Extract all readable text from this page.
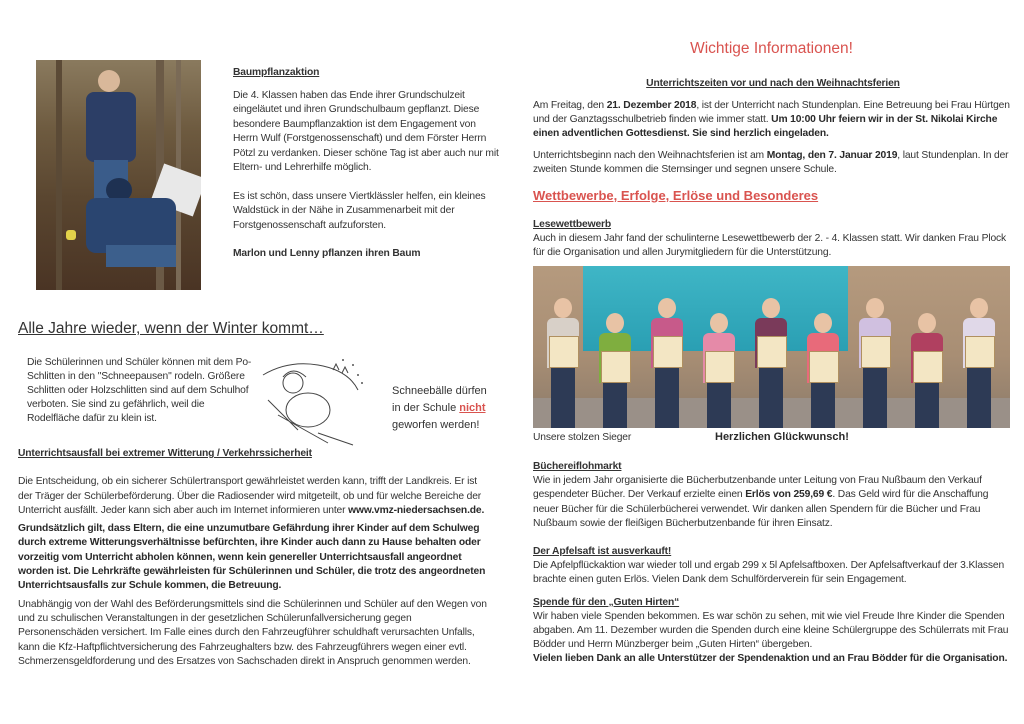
Baumpflanzaktion

Die 4. Klassen haben das Ende ihrer Grundschulzeit eingeläutet und ihren Grundschulbaum gepflanzt. Diese besondere Baumpflanzaktion ist dem Engagement von Herrn Wulf (Forstgenossenschaft) und dem Förster Herrn Pötzl zu verdanken. Dieser schöne Tag ist aber auch nur mit Eltern- und Lehrerhilfe möglich.

Es ist schön, dass unsere Viertklässler helfen, ein kleines Waldstück in der Nähe in Zusammenarbeit mit der Forstgenossenschaft aufzuforsten.

Marlon und Lenny pflanzen ihren Baum

Alle Jahre wieder, wenn der Winter kommt…
Die Schülerinnen und Schüler können mit dem Po-Schlitten in den "Schneepausen" rodeln. Größere Schlitten oder Holzschlitten sind auf dem Schulhof verboten. Sie sind zu gefährlich, weil die Rodelfläche dafür zu klein ist.
Schneebälle dürfen in der Schule nicht geworfen werden!

Unterrichtsausfall bei extremer Witterung / Verkehrssicherheit

Die Entscheidung, ob ein sicherer Schülertransport gewährleistet werden kann, trifft der Landkreis. Er ist der Träger der Schülerbeförderung. Über die Radiosender wird mitgeteilt, ob und für welche Bereiche der Unterricht ausfällt. Jeder kann sich aber auch im Internet informieren unter www.vmz-niedersachsen.de.

Grundsätzlich gilt, dass Eltern, die eine unzumutbare Gefährdung ihrer Kinder auf dem Schulweg durch extreme Witterungsverhältnisse befürchten, ihre Kinder auch dann zu Hause behalten oder vorzeitig vom Unterricht abholen können, wenn kein genereller Unterrichtsausfall angeordnet worden ist. Die Lehrkräfte gewährleisten für Schülerinnen und Schüler, die trotz des angeordneten Unterrichtsausfalls zur Schule kommen, die Betreuung.

Unabhängig von der Wahl des Beförderungsmittels sind die Schülerinnen und Schüler auf den Wegen von und zu schulischen Veranstaltungen in der gesetzlichen Schülerunfallversicherung gegen Personenschäden versichert. Im Falle eines durch den Fahrzeugführer schuldhaft verursachten Unfalls, kann die Kfz-Haftpflichtversicherung des Fahrzeughalters bzw. des Fahrzeugführers wegen einer evtl. Schmerzensgeldforderung und des Ersatzes von Sachschaden direkt in Anspruch genommen werden.

Wichtige Informationen!

Unterrichtszeiten vor und nach den Weihnachtsferien

Am Freitag, den 21. Dezember 2018, ist der Unterricht nach Stundenplan. Eine Betreuung bei Frau Hürtgen und der Ganztagsschulbetrieb finden wie immer statt. Um 10:00 Uhr feiern wir in der St. Nikolai Kirche einen adventlichen Gottesdienst. Sie sind herzlich eingeladen.

Unterrichtsbeginn nach den Weihnachtsferien ist am Montag, den 7. Januar 2019, laut Stundenplan. In der zweiten Stunde kommen die Sternsinger und segnen unsere Schule.

Wettbewerbe, Erfolge, Erlöse und Besonderes

Lesewettbewerb

Auch in diesem Jahr fand der schulinterne Lesewettbewerb der 2. - 4. Klassen statt. Wir danken Frau Plock für die Organisation und allen Jurymitgliedern für die Unterstützung.

Unsere stolzen Sieger	Herzlichen Glückwunsch!

Büchereiflohmarkt

Wie in jedem Jahr organisierte die Bücherbutzenbande unter Leitung von Frau Nußbaum den Verkauf gespendeter Bücher. Der Verkauf erzielte einen Erlös von 259,69 €. Das Geld wird für die Anschaffung neuer Bücher für die Schülerbücherei verwendet. Wir danken allen Spendern für die Bücher und Frau Nußbaum sowie der fleißigen Bücherbutzenbande für ihren Einsatz.

Der Apfelsaft ist ausverkauft!

Die Apfelpflückaktion war wieder toll und ergab 299 x 5l Apfelsaftboxen. Der Apfelsaftverkauf der 3.Klassen brachte einen guten Erlös. Vielen Dank dem Schulförderverein für sein Engagement.

Spende für den „Guten Hirten“

Wir haben viele Spenden bekommen. Es war schön zu sehen, mit wie viel Freude Ihre Kinder die Spenden abgaben. Am 11. Dezember wurden die Spenden durch eine kleine Schülergruppe des Schülerrats mit Frau Bödder und Herrn Münzberger beim „Guten Hirten“ übergeben.

Vielen lieben Dank an alle Unterstützer der Spendenaktion und an Frau Bödder für die Organisation.
